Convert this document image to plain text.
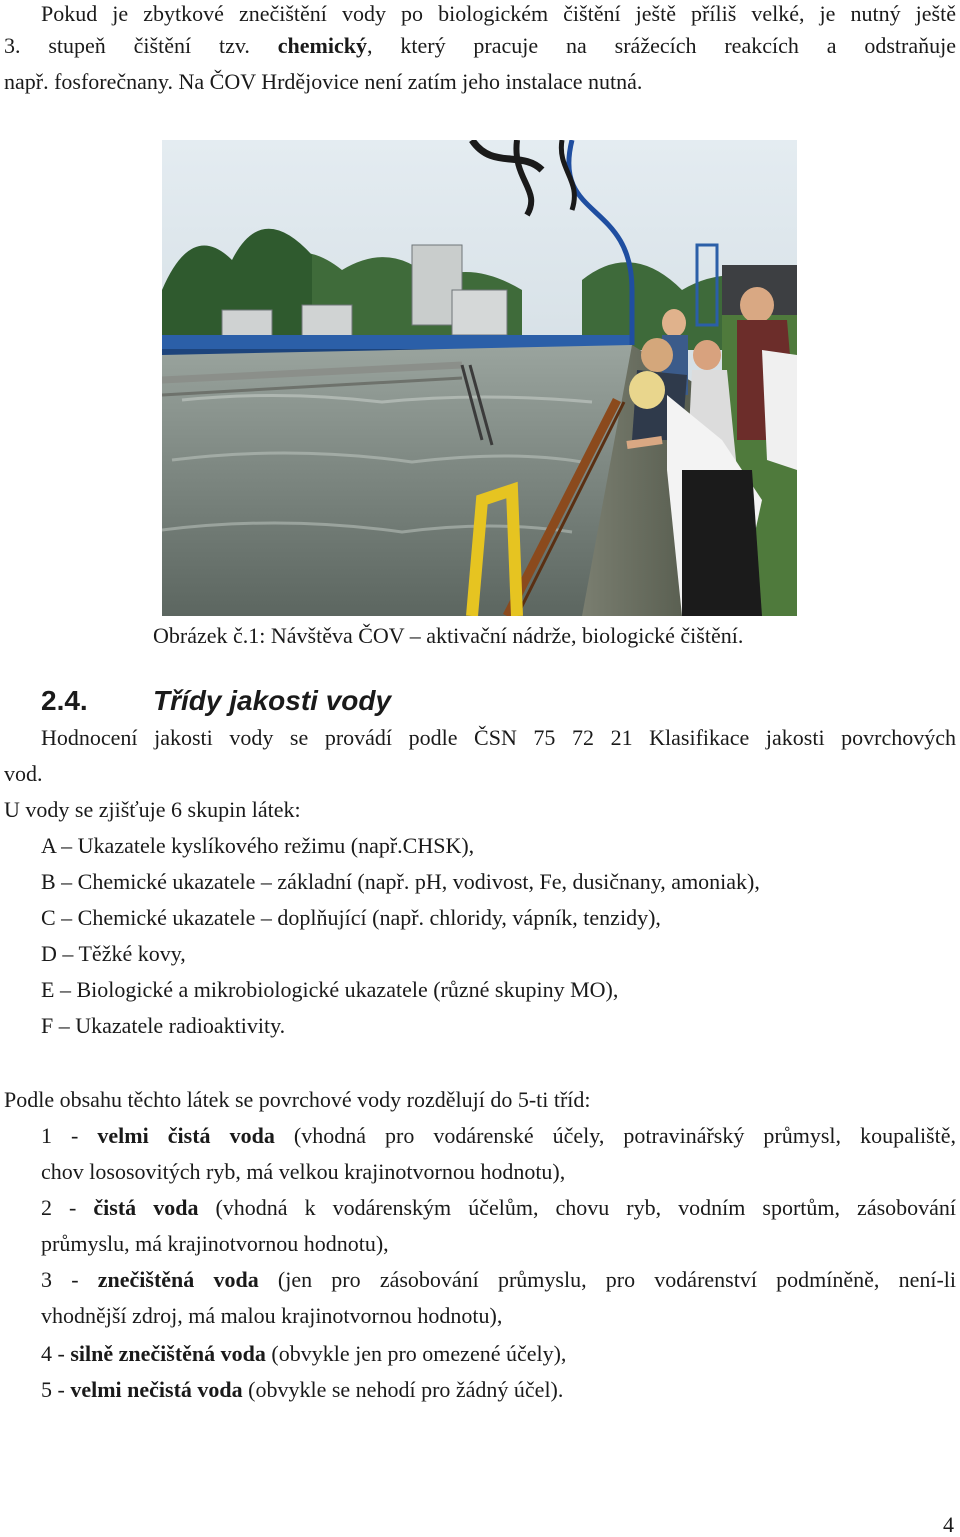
Pokud je zbytkové znečištění vody po biologickém čištění ještě příliš velké, je nutný ještě
3. stupeň čištění tzv. chemický, který pracuje na srážecích reakcích a odstraňuje
např. fosforečnany. Na ČOV Hrdějovice není zatím jeho instalace nutná.
Obrázek č.1: Návštěva ČOV – aktivační nádrže, biologické čištění.
2.4. Třídy jakosti vody
Hodnocení jakosti vody se provádí podle ČSN 75 72 21 Klasifikace jakosti povrchových
vod.
U vody se zjišťuje 6 skupin látek:
A – Ukazatele kyslíkového režimu (např.CHSK),
B – Chemické ukazatele – základní (např. pH, vodivost, Fe, dusičnany, amoniak),
C – Chemické ukazatele – doplňující (např. chloridy, vápník, tenzidy),
D – Těžké kovy,
E – Biologické a mikrobiologické ukazatele (různé skupiny MO),
F – Ukazatele radioaktivity.
Podle obsahu těchto látek se povrchové vody rozdělují do 5-ti tříd:
1 - velmi čistá voda (vhodná pro vodárenské účely, potravinářský průmysl, koupaliště,
chov lososovitých ryb, má velkou krajinotvornou hodnotu),
2 - čistá voda (vhodná k vodárenským účelům, chovu ryb, vodním sportům, zásobování
průmyslu, má krajinotvornou hodnotu),
3 - znečištěná voda (jen pro zásobování průmyslu, pro vodárenství podmíněně, není-li
vhodnější zdroj, má malou krajinotvornou hodnotu),
4 - silně znečištěná voda (obvykle jen pro omezené účely),
5 - velmi nečistá voda (obvykle se nehodí pro žádný účel).
4
